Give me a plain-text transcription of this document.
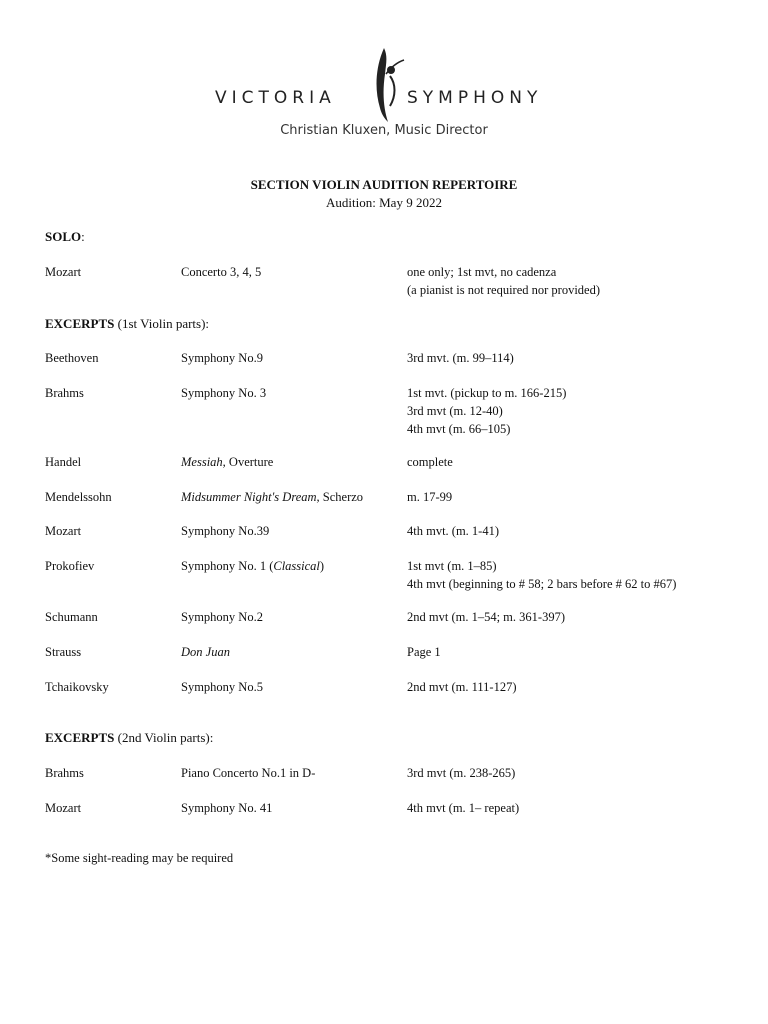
VICTORIA	SYMPHONY
Christian Kluxen, Music Director
SECTION VIOLIN AUDITION REPERTOIRE
Audition: May 9 2022
SOLO:
Mozart	Concerto 3, 4, 5	one only; 1st mvt, no cadenza
(a pianist is not required nor provided)
EXCERPTS (1st Violin parts):
Beethoven	Symphony No.9	3rd mvt. (m. 99–114)
Brahms	Symphony No. 3	1st mvt. (pickup to m. 166-215)
3rd mvt (m. 12-40)
4th mvt (m. 66–105)
Handel	Messiah, Overture	complete
Mendelssohn	Midsummer Night's Dream, Scherzo	m. 17-99
Mozart	Symphony No.39	4th mvt. (m. 1-41)
Prokofiev	Symphony No. 1 (Classical)	1st mvt (m. 1–85)
4th mvt (beginning to # 58; 2 bars before # 62 to #67)
Schumann	Symphony No.2	2nd mvt (m. 1–54; m. 361-397)
Strauss	Don Juan	Page 1
Tchaikovsky	Symphony No.5	2nd mvt (m. 111-127)
EXCERPTS (2nd Violin parts):
Brahms	Piano Concerto No.1 in D-	3rd mvt (m. 238-265)
Mozart	Symphony No. 41	4th mvt (m. 1– repeat)
*Some sight-reading may be required
